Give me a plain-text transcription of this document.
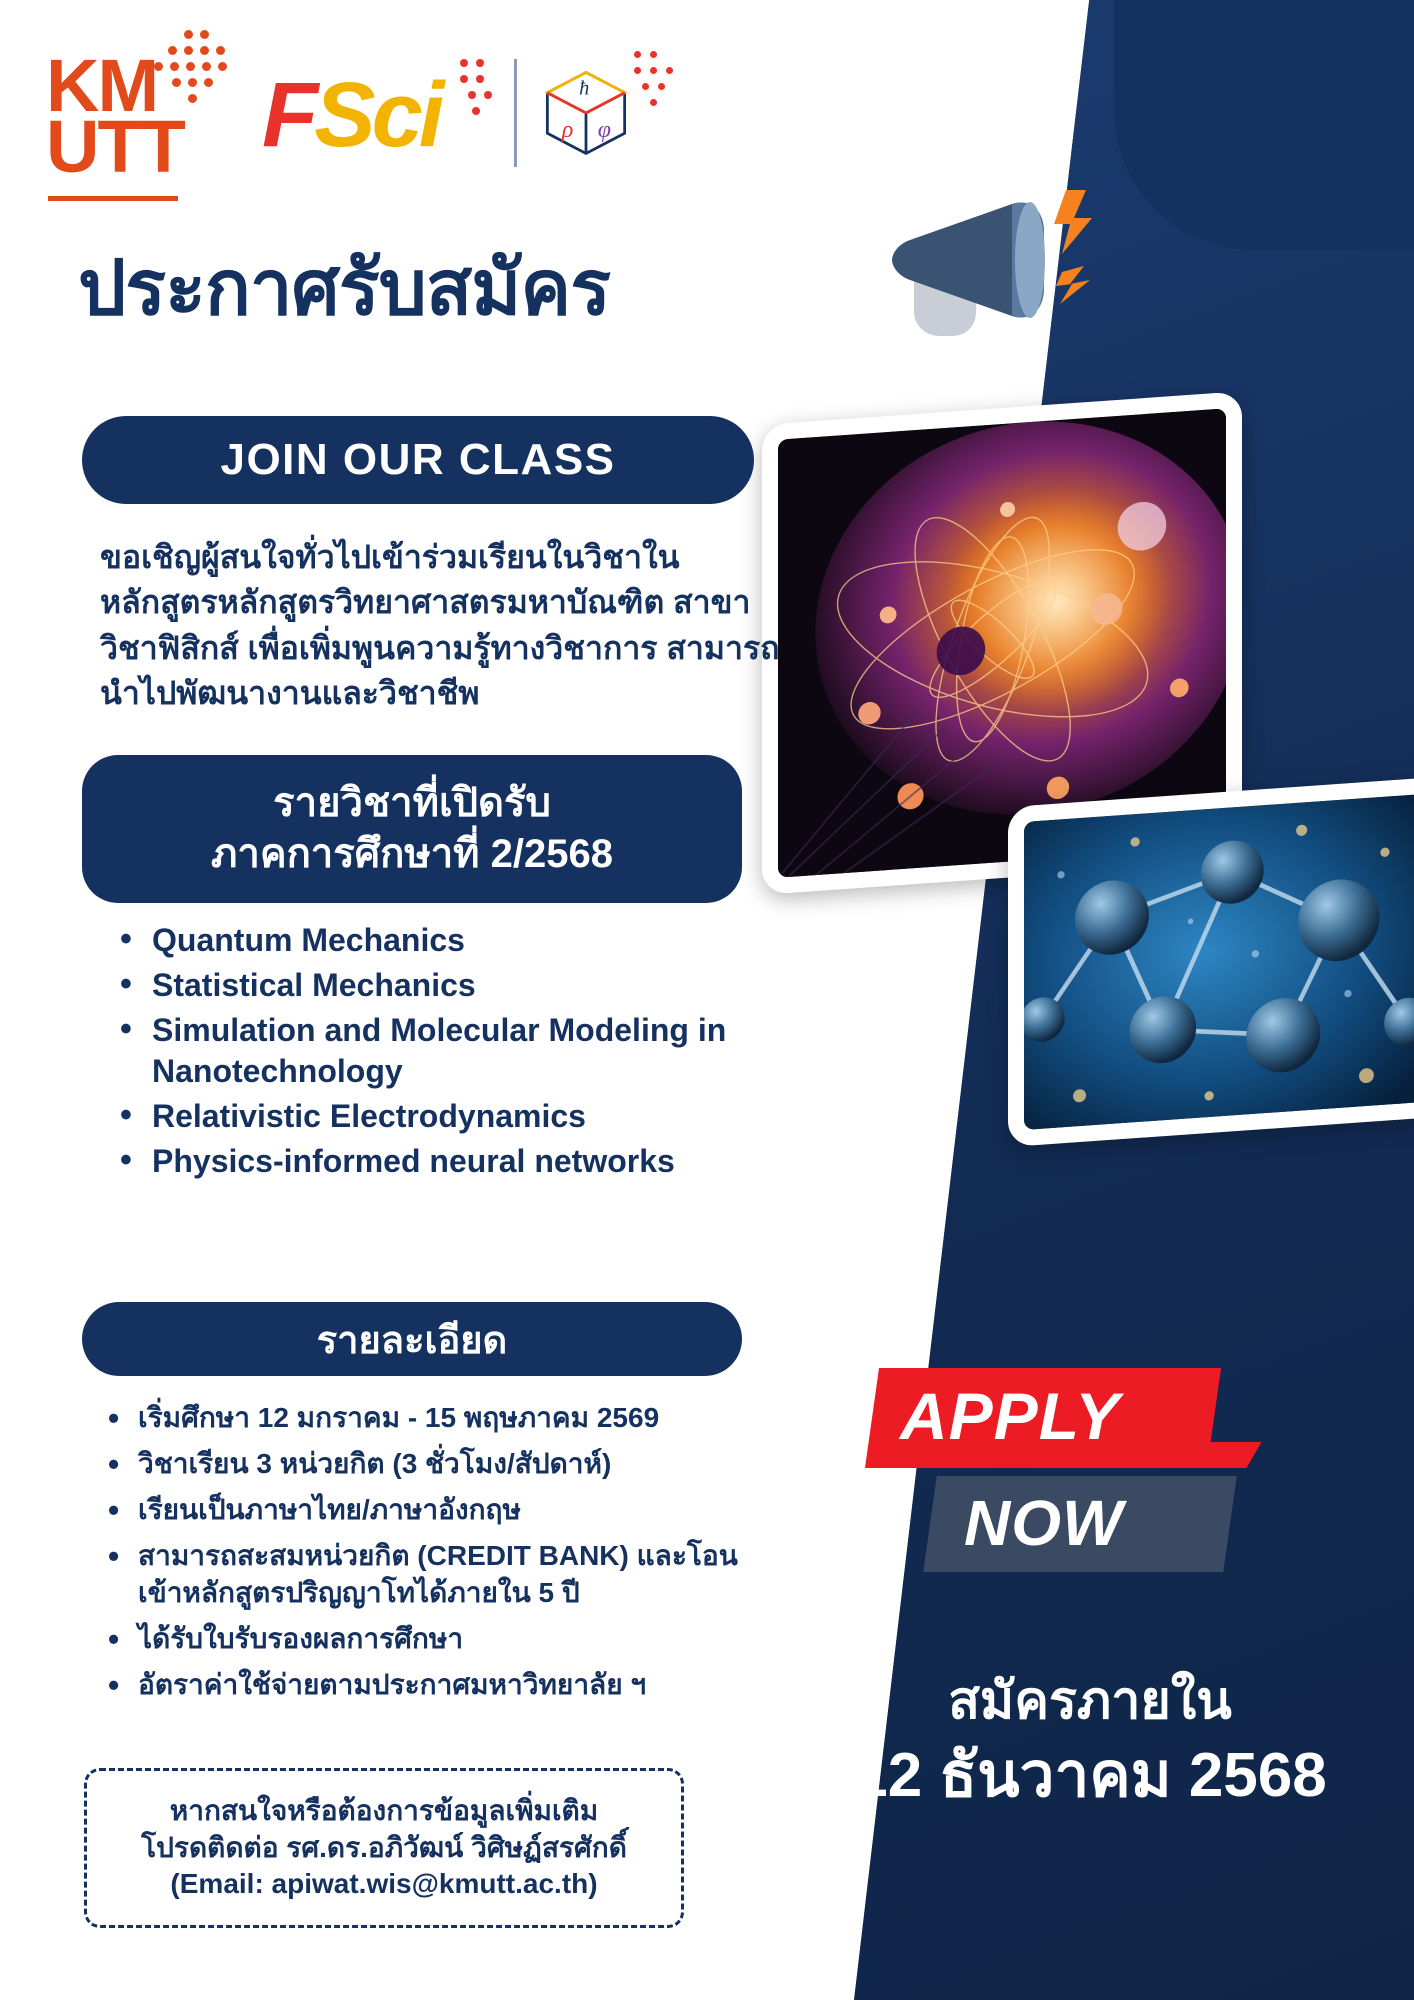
KM
UTT FSci	ħ
ρ φ
ประกาศรับสมัคร
JOIN OUR CLASS
ขอเชิญผู้สนใจทั่วไปเข้าร่วมเรียนในวิชาในหลักสูตรหลักสูตรวิทยาศาสตรมหาบัณฑิต สาขาวิชาฟิสิกส์ เพื่อเพิ่มพูนความรู้ทางวิชาการ สามารถนำไปพัฒนางานและวิชาชีพ
รายวิชาที่เปิดรับ
ภาคการศึกษาที่ 2/2568
• Quantum Mechanics
• Statistical Mechanics
• Simulation and Molecular Modeling in Nanotechnology
• Relativistic Electrodynamics
• Physics-informed neural networks
รายละเอียด
• เริ่มศึกษา 12 มกราคม - 15 พฤษภาคม 2569
• วิชาเรียน 3 หน่วยกิต (3 ชั่วโมง/สัปดาห์)
• เรียนเป็นภาษาไทย/ภาษาอังกฤษ
• สามารถสะสมหน่วยกิต (CREDIT BANK) และโอนเข้าหลักสูตรปริญญาโทได้ภายใน 5 ปี
• ได้รับใบรับรองผลการศึกษา
• อัตราค่าใช้จ่ายตามประกาศมหาวิทยาลัย ฯ
หากสนใจหรือต้องการข้อมูลเพิ่มเติม
โปรดติดต่อ รศ.ดร.อภิวัฒน์ วิศิษฏ์สรศักดิ์
(Email: apiwat.wis@kmutt.ac.th)
APPLY
NOW
สมัครภายใน
12 ธันวาคม 2568
